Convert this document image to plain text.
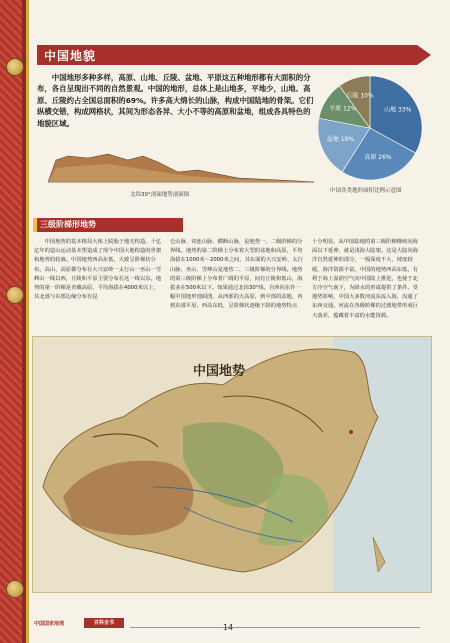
中国地貌
中国地形多种多样，高原、山地、丘陵、盆地、平原这五种地形都有大面积的分布，各自呈现出不同的自然景观。中国的地形，总体上是山地多，平地少，山地、高原、丘陵约占全国总面积的69%。许多高大绵长的山脉，构成中国陆地的骨架。它们纵横交错，构成网格状，其间为形态各异、大小不等的高原和盆地，组成各具特色的地貌区域。
北纬30°剖面地势剖面图
山地 33%
高原 26%
盆地 19%
平原 12%
丘陵 10%
中国各类地形面积比例示意图
三级阶梯形地势
中国地势的基本格局大体上脱胎于地壳构造。十亿亿年的造山运动基本塑造成了现今中国大地构造的骨架和地势的轮廓。中国地势西高东低，大致呈阶梯状分布。高山、高原都分布在大兴安岭一太行山一巫山一雪峰山一线以西，丘陵和平原主要分布在这一线以东。地势的第一阶梯是青藏高原，平均海拔在4000米以上，其北部与东部边缘分布有昆
仑山脉、祁连山脉、横断山脉，是地势一、二级阶梯的分界线。地势的第二阶梯上分布着大型的盆地和高原，平均海拔在1000米～2000米之间，其东面的大兴安岭、太行山脉、巫山、雪峰山是地势二、三级阶梯的分界线。地势的第三级阶梯上分布着广阔的平原，间有丘陵和低山，海拔多在500米以下。如果通过北纬30°线，自西向东作一幅中国地形剖面图，从西部的大高原，到中部的盆地，再到东部平原，西高东低，呈阶梯状逐级下降的地势特点
十分明显。从中国陆地的第三级阶梯继续向海面以下延伸，就是浅海大陆架。这是大陆向海洋自然延伸的部分，一般深度不大，坡度较缓，海洋资源丰富。中国的地势西高东低，有利于海上湿润空气向中国陆上推进，也使于北方冷空气南下，为降水的形成提供了条件。受地势影响，中国大多数河流东流入海，沟通了东西交通。河流在各级阶梯的过渡地带形成巨大落差，蕴藏着丰富的水能资源。
中国地势
中国国家地理	百科全书	14
